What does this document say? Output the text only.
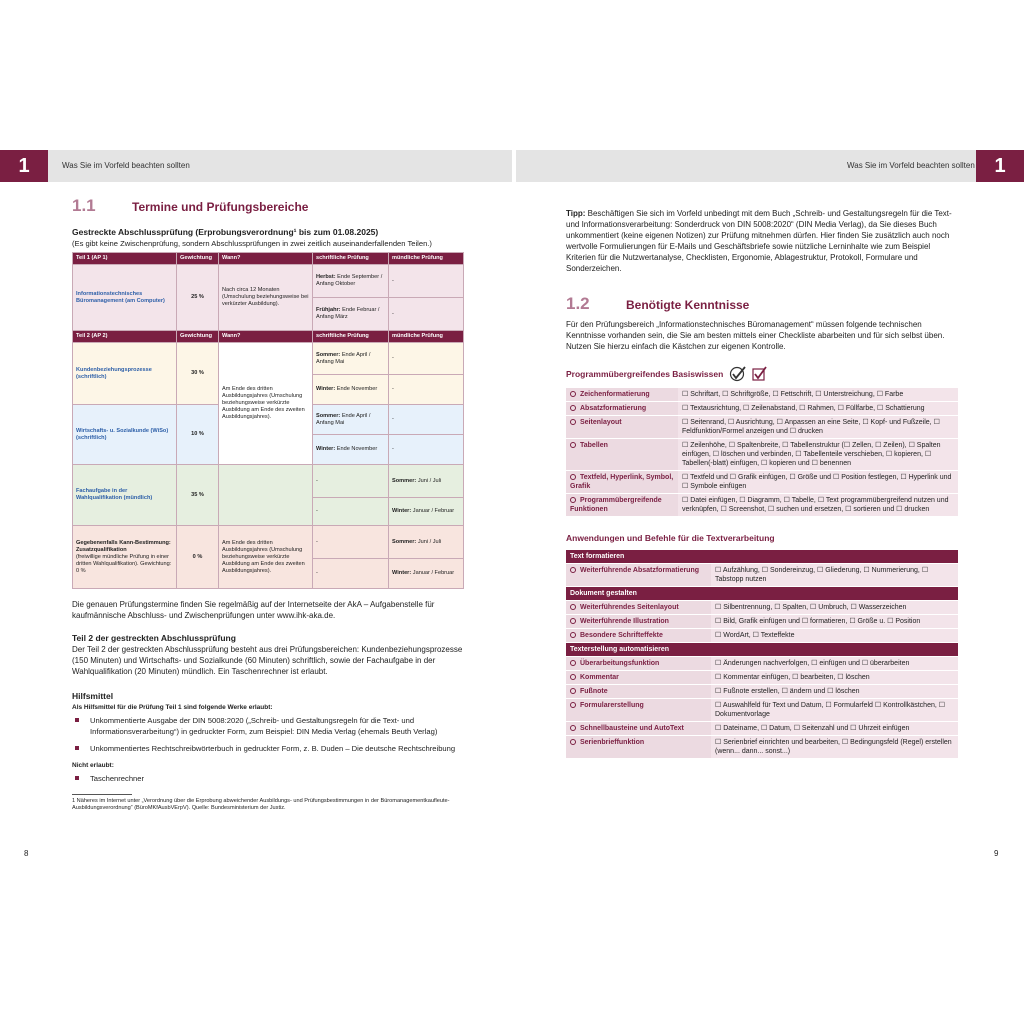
1	Was Sie im Vorfeld beachten sollten	Was Sie im Vorfeld beachten sollten 1
1.1	Termine und Prüfungsbereiche
Gestreckte Abschlussprüfung (Erprobungsverordnung¹ bis zum 01.08.2025)
(Es gibt keine Zwischenprüfung, sondern Abschlussprüfungen in zwei zeitlich auseinanderfallenden Teilen.)
Teil 1 (AP 1)	Gewichtung	Wann?	schriftliche Prüfung	mündliche Prüfung
Informationstechnisches Büromanagement (am Computer)	25 %	Nach circa 12 Monaten (Umschulung beziehungsweise bei verkürzter Ausbildung).	Herbst: Ende September / Anfang Oktober	-
			Frühjahr: Ende Februar / Anfang März	-
Teil 2 (AP 2)	Gewichtung	Wann?	schriftliche Prüfung	mündliche Prüfung
Kundenbeziehungsprozesse (schriftlich)	30 %	Am Ende des dritten Ausbildungsjahres (Umschulung beziehungsweise verkürzte Ausbildung am Ende des zweiten Ausbildungsjahres).	Sommer: Ende April / Anfang Mai	-
			Winter: Ende November	-
Wirtschafts- u. Sozialkunde (WiSo) (schriftlich)	10 %		Sommer: Ende April / Anfang Mai	-
			Winter: Ende November	-
Fachaufgabe in der Wahlqualifikation (mündlich)	35 %		-	Sommer: Juni / Juli
			-	Winter: Januar / Februar
Gegebenenfalls Kann-Bestimmung: Zusatzqualifikation
(freiwillige mündliche Prüfung in einer dritten Wahlqualifikation). Gewichtung: 0 %	0 %	Am Ende des dritten Ausbildungsjahres (Umschulung beziehungsweise verkürzte Ausbildung am Ende des zweiten Ausbildungsjahres).	-	Sommer: Juni / Juli
			-	Winter: Januar / Februar

Die genauen Prüfungstermine finden Sie regelmäßig auf der Internetseite der AkA – Aufgabenstelle für kaufmännische Abschluss- und Zwischenprüfungen unter www.ihk-aka.de.

Teil 2 der gestreckten Abschlussprüfung

Der Teil 2 der gestreckten Abschlussprüfung besteht aus drei Prüfungsbereichen: Kundenbeziehungsprozesse (150 Minuten) und Wirtschafts- und Sozialkunde (60 Minuten) schriftlich, sowie der Fachaufgabe in der Wahlqualifikation (20 Minuten) mündlich. Ein Taschenrechner ist erlaubt.

Hilfsmittel
Als Hilfsmittel für die Prüfung Teil 1 sind folgende Werke erlaubt:
Unkommentierte Ausgabe der DIN 5008:2020 („Schreib- und Gestaltungsregeln für die Text- und Informationsverarbeitung“) in gedruckter Form, zum Beispiel: DIN Media Verlag (ehemals Beuth Verlag)
Unkommentiertes Rechtschreibwörterbuch in gedruckter Form, z. B. Duden – Die deutsche Rechtschreibung
Nicht erlaubt:
Taschenrechner
1 Näheres im Internet unter „Verordnung über die Erprobung abweichender Ausbildungs- und Prüfungsbestimmungen in der Büromanagementkaufleute-Ausbildungsverordnung“ (BüroMKfAusbVErpV). Quelle: Bundesministerium der Justiz.
8

Tipp: Beschäftigen Sie sich im Vorfeld unbedingt mit dem Buch „Schreib- und Gestaltungsregeln für die Text- und Informationsverarbeitung: Sonderdruck von DIN 5008:2020“ (DIN Media Verlag), da Sie dieses Buch unkommentiert (keine eigenen Notizen) zur Prüfung mitnehmen dürfen. Hier finden Sie zusätzlich auch noch wertvolle Formulierungen für E-Mails und Geschäftsbriefe sowie nützliche Lerninhalte wie zum Beispiel Kriterien für die Nutzwertanalyse, Checklisten, Ergonomie, Ablagestruktur, Protokoll, Formulare und Sonderzeichen.

1.2	Benötigte Kenntnisse

Für den Prüfungsbereich „Informationstechnisches Büromanagement“ müssen folgende technischen Kenntnisse vorhanden sein, die Sie am besten mittels einer Checkliste abarbeiten und für sich selbst üben. Nutzen Sie hierzu einfach die Kästchen zur eigenen Kontrolle.

Programmübergreifendes Basiswissen
Zeichenformatierung	☐ Schriftart, ☐ Schriftgröße, ☐ Fettschrift, ☐ Unterstreichung, ☐ Farbe
Absatzformatierung	☐ Textausrichtung, ☐ Zeilenabstand, ☐ Rahmen, ☐ Füllfarbe, ☐ Schattierung
Seitenlayout	☐ Seitenrand, ☐ Ausrichtung, ☐ Anpassen an eine Seite, ☐ Kopf- und Fußzeile, ☐ Feldfunktion/Formel anzeigen und ☐ drucken
Tabellen	☐ Zeilenhöhe, ☐ Spaltenbreite, ☐ Tabellenstruktur (☐ Zellen, ☐ Zeilen), ☐ Spalten einfügen, ☐ löschen und verbinden, ☐ Tabellenteile verschieben, ☐ kopieren, ☐ Tabellen(-blatt) einfügen, ☐ kopieren und ☐ benennen
Textfeld, Hyperlink, Symbol, Grafik	☐ Textfeld und ☐ Grafik einfügen, ☐ Größe und ☐ Position festlegen, ☐ Hyperlink und ☐ Symbole einfügen
Programmübergreifende Funktionen	☐ Datei einfügen, ☐ Diagramm, ☐ Tabelle, ☐ Text programmübergreifend nutzen und verknüpfen, ☐ Screenshot, ☐ suchen und ersetzen, ☐ sortieren und ☐ drucken
Anwendungen und Befehle für die Textverarbeitung
Text formatieren	
Weiterführende Absatzformatierung	☐ Aufzählung, ☐ Sondereinzug, ☐ Gliederung, ☐ Nummerierung, ☐ Tabstopp nutzen
Dokument gestalten	
Weiterführendes Seitenlayout	☐ Silbentrennung, ☐ Spalten, ☐ Umbruch, ☐ Wasserzeichen
Weiterführende Illustration	☐ Bild, Grafik einfügen und ☐ formatieren, ☐ Größe u. ☐ Position
Besondere Schrifteffekte	☐ WordArt, ☐ Texteffekte
Texterstellung automatisieren	
Überarbeitungsfunktion	☐ Änderungen nachverfolgen, ☐ einfügen und ☐ überarbeiten
Kommentar	☐ Kommentar einfügen, ☐ bearbeiten, ☐ löschen
Fußnote	☐ Fußnote erstellen, ☐ ändern und ☐ löschen
Formularerstellung	☐ Auswahlfeld für Text und Datum, ☐ Formularfeld ☐ Kontrollkästchen, ☐ Dokumentvorlage
Schnellbausteine und AutoText	☐ Dateiname, ☐ Datum, ☐ Seitenzahl und ☐ Uhrzeit einfügen
Serienbrieffunktion	☐ Serienbrief einrichten und bearbeiten, ☐ Bedingungsfeld (Regel) erstellen (wenn... dann... sonst...)
9
